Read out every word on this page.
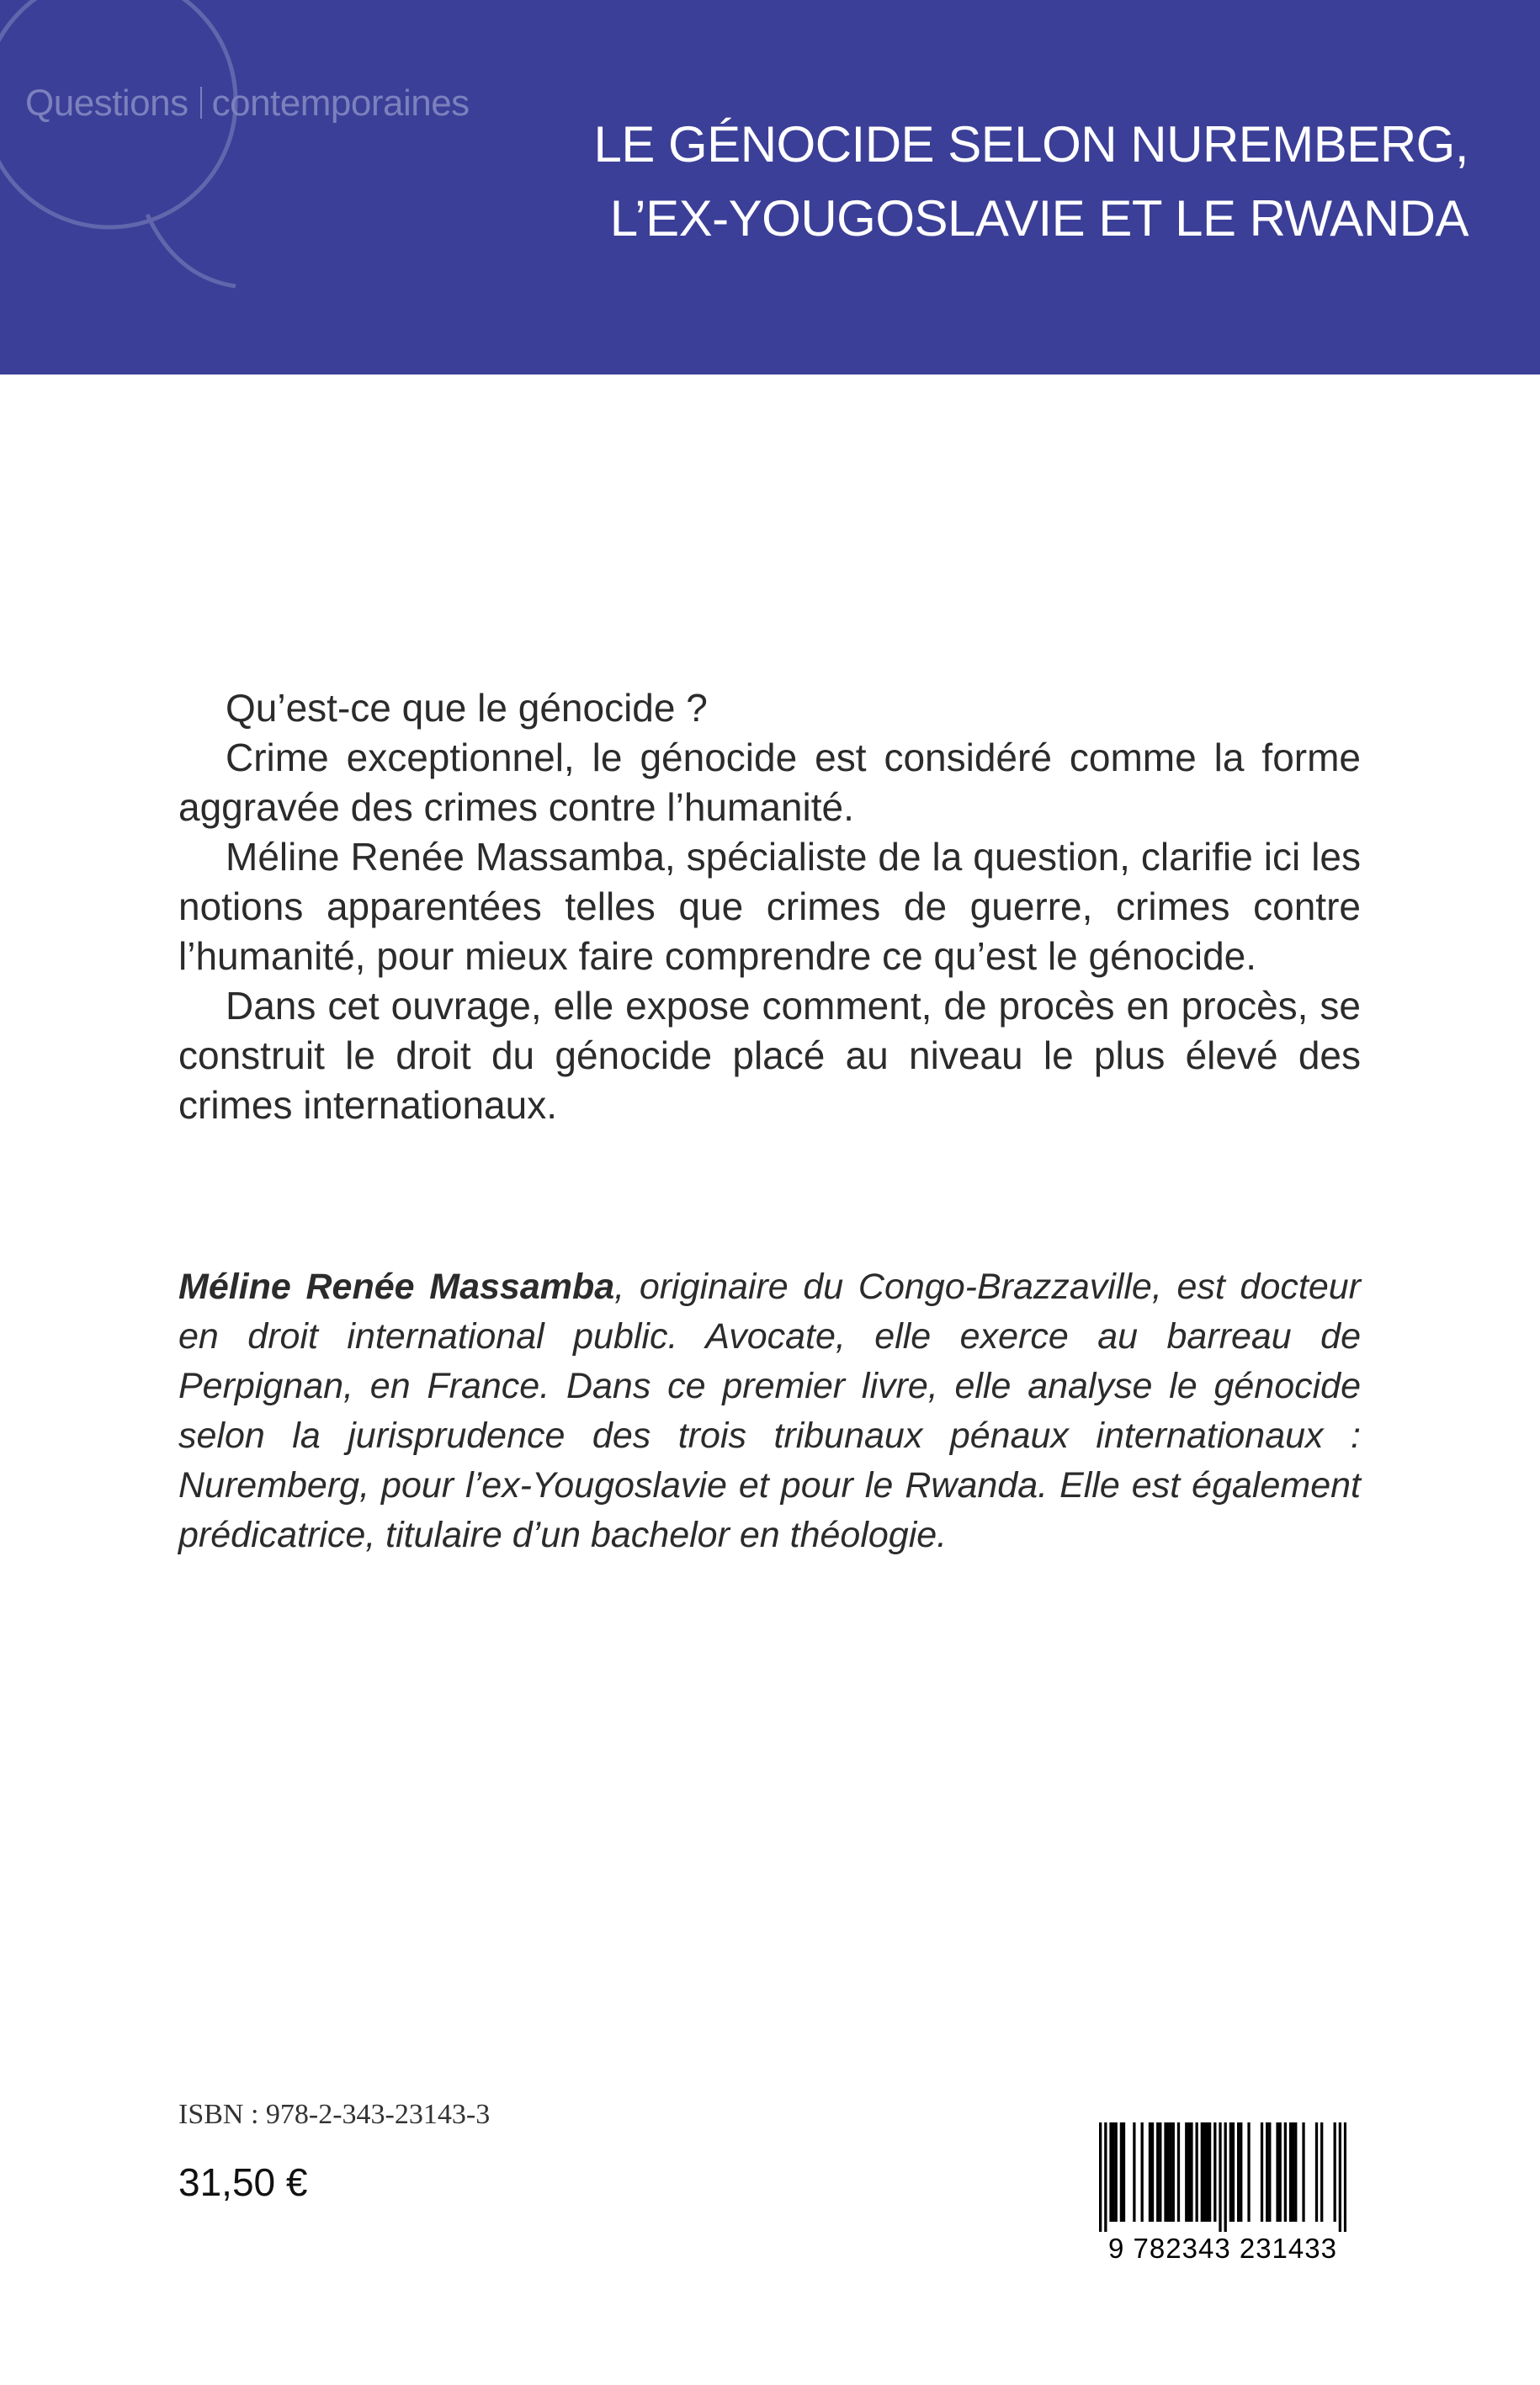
Questions contemporaines
LE GÉNOCIDE SELON NUREMBERG,
L’EX-YOUGOSLAVIE ET LE RWANDA

Qu’est-ce que le génocide ?

Crime exceptionnel, le génocide est considéré comme la forme aggravée des crimes contre l’humanité.

Méline Renée Massamba, spécialiste de la question, clarifie ici les notions apparentées telles que crimes de guerre, crimes contre l’humanité, pour mieux faire comprendre ce qu’est le génocide.

Dans cet ouvrage, elle expose comment, de procès en procès, se construit le droit du génocide placé au niveau le plus élevé des crimes internationaux.

Méline Renée Massamba, originaire du Congo-Brazzaville, est docteur en droit international public. Avocate, elle exerce au barreau de Perpignan, en France. Dans ce premier livre, elle analyse le génocide selon la jurisprudence des trois tribunaux pénaux internationaux : Nuremberg, pour l’ex-Yougoslavie et pour le Rwanda. Elle est également prédicatrice, titulaire d’un bachelor en théologie.
ISBN : 978-2-343-23143-3
31,50 €
9 782343 231433
